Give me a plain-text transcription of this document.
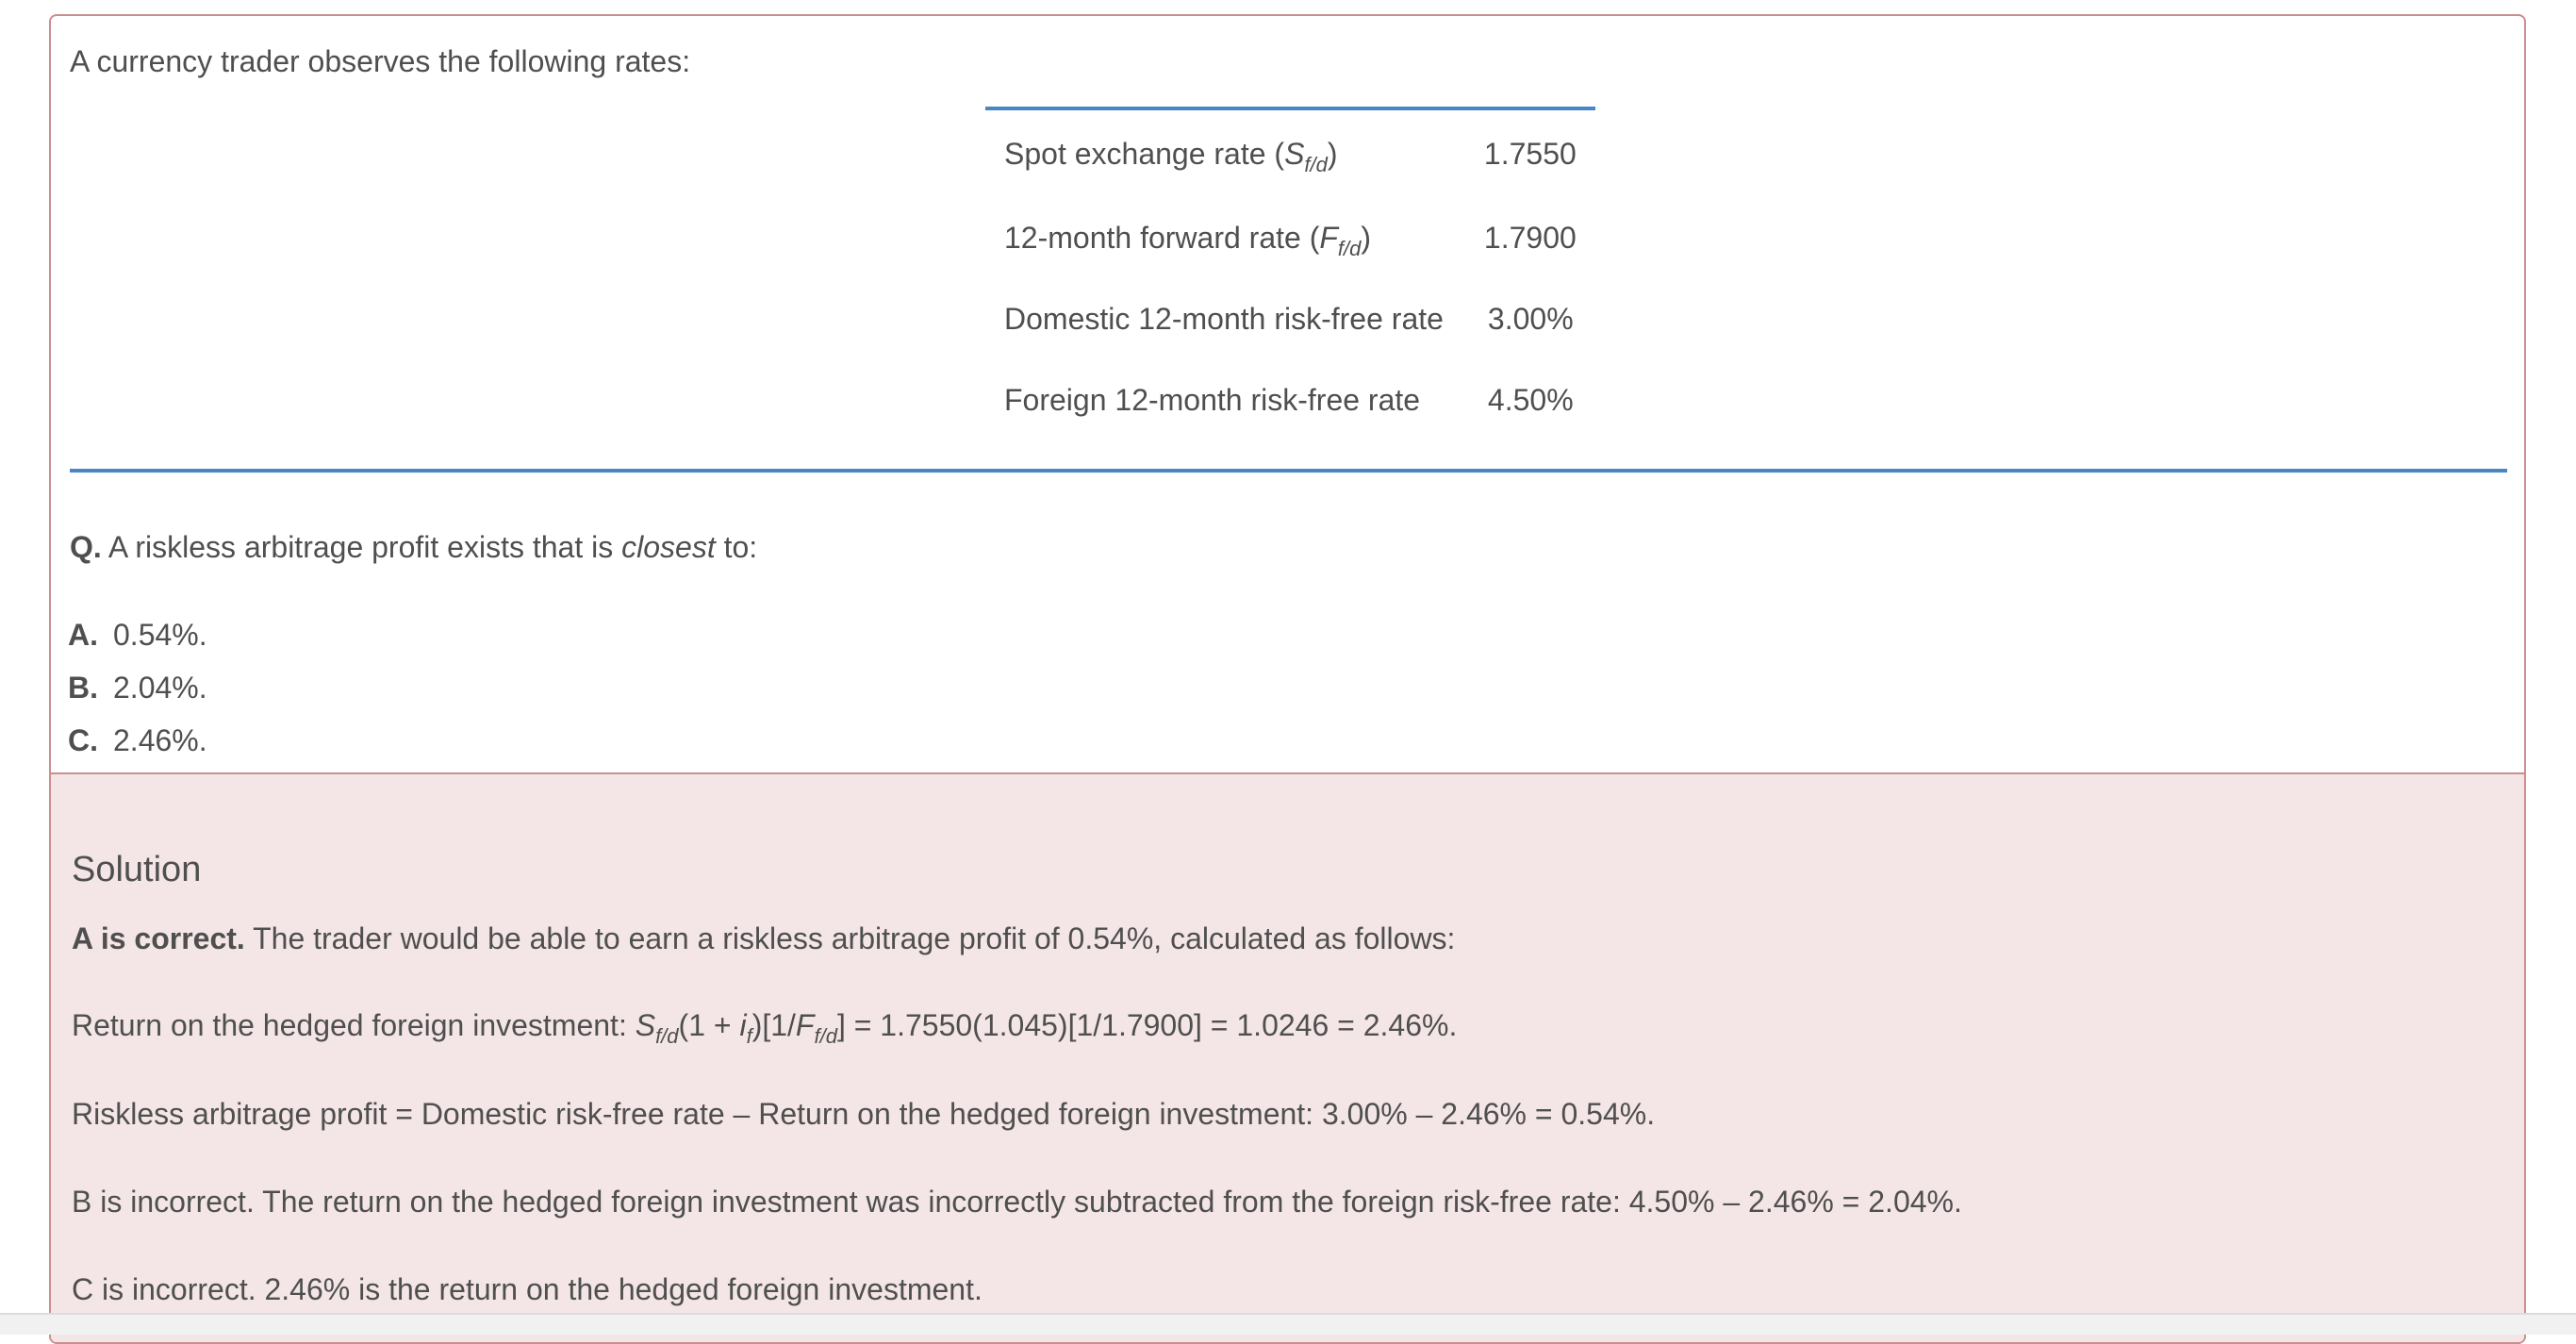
A currency trader observes the following rates:
Spot exchange rate $(S_{f/d})$	1.7550
12-month forward rate $(F_{f/d})$	1.7900
Domestic 12-month risk-free rate	3.00%
Foreign 12-month risk-free rate	4.50%
Q. A riskless arbitrage profit exists that is closest to:
A. 0.54%.
B. 2.04%.
C. 2.46%.
Solution
A is correct. The trader would be able to earn a riskless arbitrage profit of 0.54%, calculated as follows:
Return on the hedged foreign investment: $S_{f/d}(1 + i_f)[1/F_{f/d}] = 1.7550(1.045)[1/1.7900] = 1.0246 = 2.46\%$.
Riskless arbitrage profit = Domestic risk-free rate – Return on the hedged foreign investment: 3.00% – 2.46% = 0.54%.
B is incorrect. The return on the hedged foreign investment was incorrectly subtracted from the foreign risk-free rate: 4.50% – 2.46% = 2.04%.
C is incorrect. 2.46% is the return on the hedged foreign investment.
